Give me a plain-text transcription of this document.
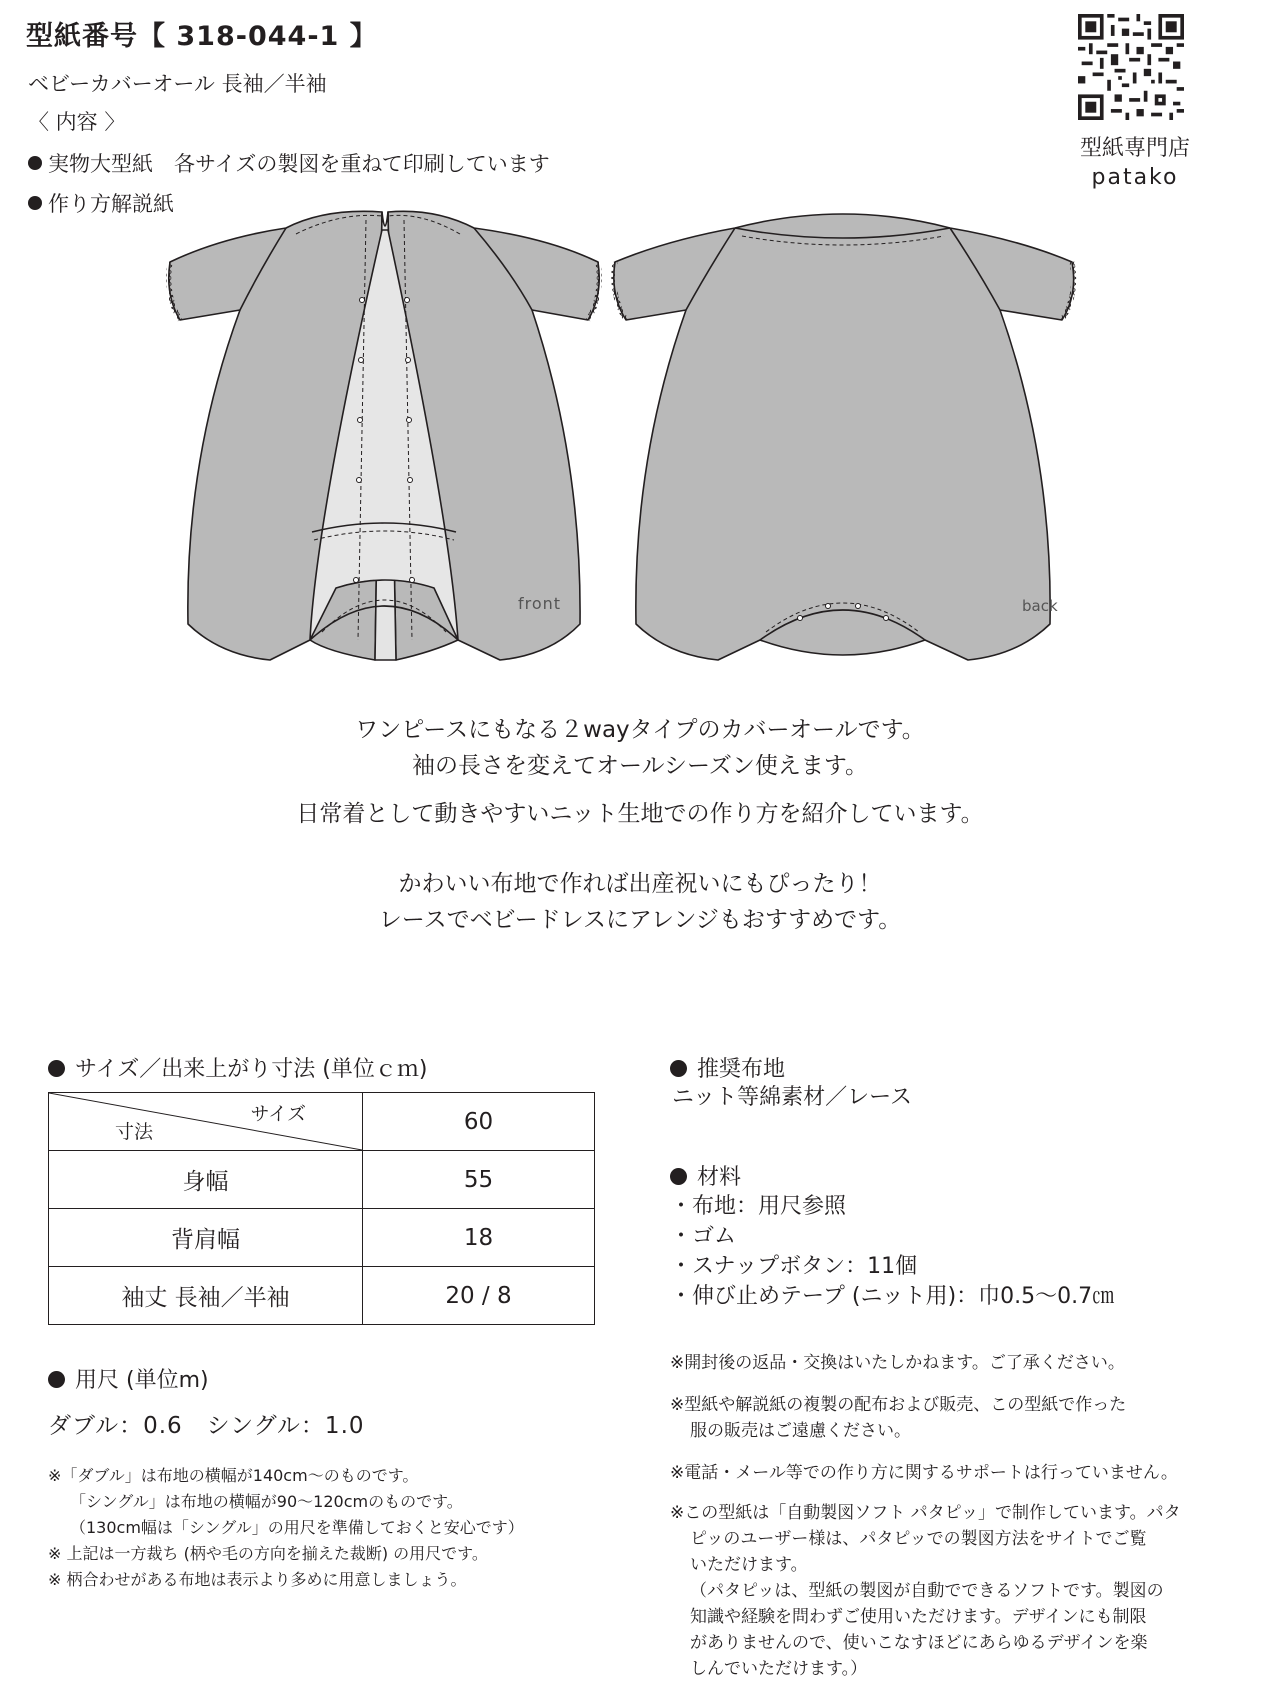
型紙番号【 318-044-1 】
ベビーカバーオール 長袖／半袖
〈 内容 〉
実物大型紙　各サイズの製図を重ねて印刷しています
作り方解説紙
型紙専門店
patako
front	back
ワンピースにもなる２wayタイプのカバーオールです。
袖の長さを変えてオールシーズン使えます。
日常着として動きやすいニット生地での作り方を紹介しています。
かわいい布地で作れば出産祝いにもぴったり！
レースでベビードレスにアレンジもおすすめです。
サイズ／出来上がり寸法 (単位ｃｍ)
サイズ
寸法	60
身幅	55
背肩幅	18
袖丈 長袖／半袖	20 / 8
用尺 (単位m)
ダブル：0.6　シングル：1.0
※「ダブル」は布地の横幅が140cm〜のものです。
「シングル」は布地の横幅が90〜120cmのものです。
（130cm幅は「シングル」の用尺を準備しておくと安心です）
※ 上記は一方裁ち (柄や毛の方向を揃えた裁断) の用尺です。
※ 柄合わせがある布地は表示より多めに用意しましょう。
推奨布地
ニット等綿素材／レース
材料
・布地：用尺参照
・ゴム
・スナップボタン：11個
・伸び止めテープ (ニット用)：巾0.5〜0.7㎝
※開封後の返品・交換はいたしかねます。ご了承ください。
※型紙や解説紙の複製の配布および販売、この型紙で作った
服の販売はご遠慮ください。
※電話・メール等での作り方に関するサポートは行っていません。
※この型紙は「自動製図ソフト パタピッ」で制作しています。パタ
ピッのユーザー様は、パタピッでの製図方法をサイトでご覧
いただけます。
（パタピッは、型紙の製図が自動でできるソフトです。製図の
知識や経験を問わずご使用いただけます。デザインにも制限
がありませんので、使いこなすほどにあらゆるデザインを楽
しんでいただけます。）
